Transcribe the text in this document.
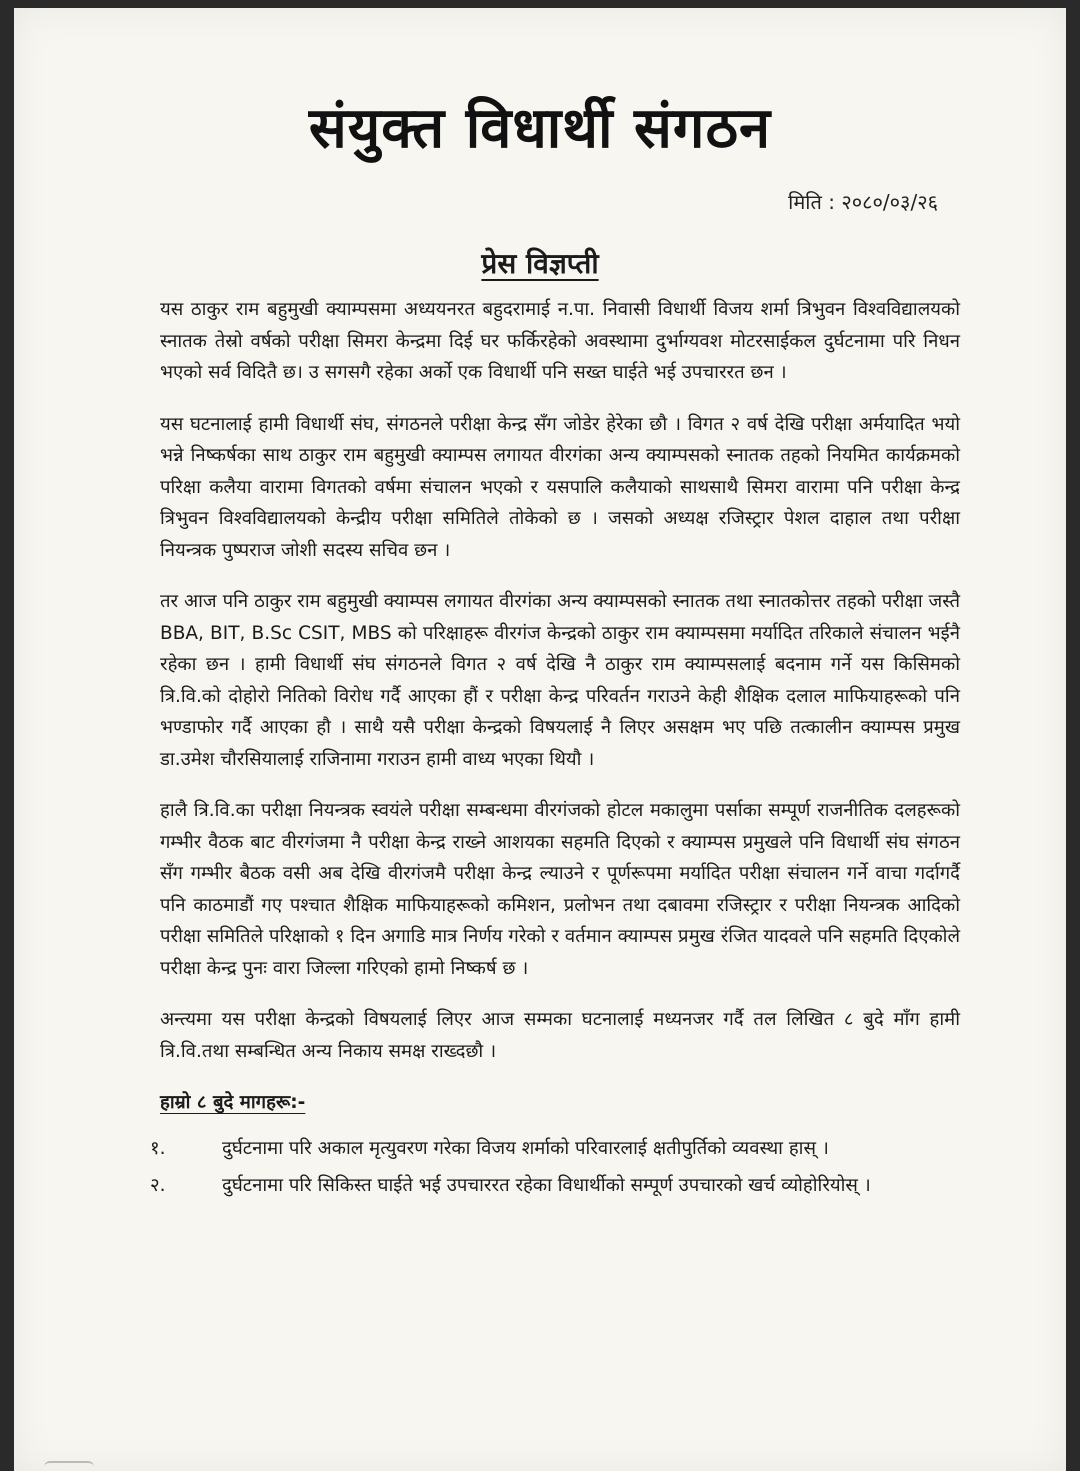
संयुक्त विधार्थी संगठन
मिति : २०८०/०३/२६
प्रेस विज्ञप्ती

यस ठाकुर राम बहुमुखी क्याम्पसमा अध्ययनरत बहुदरामाई न.पा. निवासी विधार्थी विजय शर्मा त्रिभुवन विश्वविद्यालयको स्नातक तेस्रो वर्षको परीक्षा सिमरा केन्द्रमा दिई घर फर्किरहेको अवस्थामा दुर्भाग्यवश मोटरसाईकल दुर्घटनामा परि निधन भएको सर्व विदितै छ। उ सगसगै रहेका अर्को एक विधार्थी पनि सख्त घाईते भई उपचाररत छन ।

यस घटनालाई हामी विधार्थी संघ, संगठनले परीक्षा केन्द्र सँग जोडेर हेरेका छौ । विगत २ वर्ष देखि परीक्षा अर्मयादित भयो भन्ने निष्कर्षका साथ ठाकुर राम बहुमुखी क्याम्पस लगायत वीरगंका अन्य क्याम्पसको स्नातक तहको नियमित कार्यक्रमको परिक्षा कलैया वारामा विगतको वर्षमा संचालन भएको र यसपालि कलैयाको साथसाथै सिमरा वारामा पनि परीक्षा केन्द्र त्रिभुवन विश्वविद्यालयको केन्द्रीय परीक्षा समितिले तोकेको छ । जसको अध्यक्ष रजिस्ट्रार पेशल दाहाल तथा परीक्षा नियन्त्रक पुष्पराज जोशी सदस्य सचिव छन ।

तर आज पनि ठाकुर राम बहुमुखी क्याम्पस लगायत वीरगंका अन्य क्याम्पसको स्नातक तथा स्नातकोत्तर तहको परीक्षा जस्तै BBA, BIT, B.Sc CSIT, MBS को परिक्षाहरू वीरगंज केन्द्रको ठाकुर राम क्याम्पसमा मर्यादित तरिकाले संचालन भईनै रहेका छन । हामी विधार्थी संघ संगठनले विगत २ वर्ष देखि नै ठाकुर राम क्याम्पसलाई बदनाम गर्ने यस किसिमको त्रि.वि.को दोहोरो नितिको विरोध गर्दै आएका हौं र परीक्षा केन्द्र परिवर्तन गराउने केही शैक्षिक दलाल माफियाहरूको पनि भण्डाफोर गर्दै आएका हौ । साथै यसै परीक्षा केन्द्रको विषयलाई नै लिएर असक्षम भए पछि तत्कालीन क्याम्पस प्रमुख डा.उमेश चौरसियालाई राजिनामा गराउन हामी वाध्य भएका थियौ ।

हालै त्रि.वि.का परीक्षा नियन्त्रक स्वयंले परीक्षा सम्बन्धमा वीरगंजको होटल मकालुमा पर्साका सम्पूर्ण राजनीतिक दलहरूको गम्भीर वैठक बाट वीरगंजमा नै परीक्षा केन्द्र राख्ने आशयका सहमति दिएको र क्याम्पस प्रमुखले पनि विधार्थी संघ संगठन सँग गम्भीर बैठक वसी अब देखि वीरगंजमै परीक्षा केन्द्र ल्याउने र पूर्णरूपमा मर्यादित परीक्षा संचालन गर्ने वाचा गर्दागर्दै पनि काठमाडौं गए पश्चात शैक्षिक माफियाहरूको कमिशन, प्रलोभन तथा दबावमा रजिस्ट्रार र परीक्षा नियन्त्रक आदिको परीक्षा समितिले परिक्षाको १ दिन अगाडि मात्र निर्णय गरेको र वर्तमान क्याम्पस प्रमुख रंजित यादवले पनि सहमति दिएकोले परीक्षा केन्द्र पुनः वारा जिल्ला गरिएको हामो निष्कर्ष छ ।

अन्त्यमा यस परीक्षा केन्द्रको विषयलाई लिएर आज सम्मका घटनालाई मध्यनजर गर्दै तल लिखित ८ बुदे माँग हामी त्रि.वि.तथा सम्बन्धित अन्य निकाय समक्ष राख्दछौ ।

हाम्रो ८ बुदे मागहरू:-
१.	दुर्घटनामा परि अकाल मृत्युवरण गरेका विजय शर्माको परिवारलाई क्षतीपुर्तिको व्यवस्था हास् ।
२.	दुर्घटनामा परि सिकिस्त घाईते भई उपचाररत रहेका विधार्थीको सम्पूर्ण उपचारको खर्च व्योहोरियोस् ।
